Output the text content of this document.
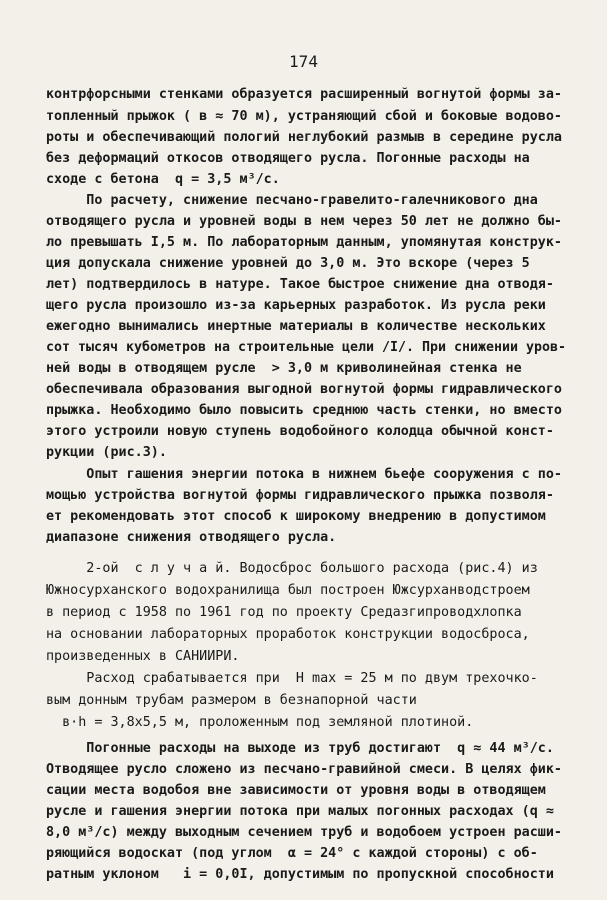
174
контрфорсными стенками образуется расширенный вогнутой формы за-
топленный прыжок ( в ≈ 70 м), устраняющий сбой и боковые водово-
роты и обеспечивающий пологий неглубокий размыв в середине русла
без деформаций откосов отводящего русла. Погонные расходы на
сходе с бетона  q = 3,5 м³/с.
По расчету, снижение песчано-гравелито-галечникового дна
отводящего русла и уровней воды в нем через 50 лет не должно бы-
ло превышать I,5 м. По лабораторным данным, упомянутая конструк-
ция допускала снижение уровней до 3,0 м. Это вскоре (через 5
лет) подтвердилось в натуре. Такое быстрое снижение дна отводя-
щего русла произошло из-за карьерных разработок. Из русла реки
ежегодно вынимались инертные материалы в количестве нескольких
сот тысяч кубометров на строительные цели /I/. При снижении уров-
ней воды в отводящем русле  > 3,0 м криволинейная стенка не
обеспечивала образования выгодной вогнутой формы гидравлического
прыжка. Необходимо было повысить среднюю часть стенки, но вместо
этого устроили новую ступень водобойного колодца обычной конст-
рукции (рис.3).
Опыт гашения энергии потока в нижнем бьефе сооружения с по-
мощью устройства вогнутой формы гидравлического прыжка позволя-
ет рекомендовать этот способ к широкому внедрению в допустимом
диапазоне снижения отводящего русла.
2-ой  с л у ч а й. Водосброс большого расхода (рис.4) из
Южносурханского водохранилища был построен Южсурханводстроем
в период с 1958 по 1961 год по проекту Средазгипроводхлопка
на основании лабораторных проработок конструкции водосброса,
произведенных в САНИИРИ.
Расход срабатывается при  H max = 25 м по двум трехочко-
вым донным трубам размером в безнапорной части
в·h = 3,8х5,5 м, проложенным под земляной плотиной.
Погонные расходы на выходе из труб достигают  q ≈ 44 м³/с.
Отводящее русло сложено из песчано-гравийной смеси. В целях фик-
сации места водобоя вне зависимости от уровня воды в отводящем
русле и гашения энергии потока при малых погонных расходах (q ≈
8,0 м³/с) между выходным сечением труб и водобоем устроен расши-
ряющийся водоскат (под углом  α = 24° с каждой стороны) с об-
ратным уклоном   i = 0,0I, допустимым по пропускной способности
